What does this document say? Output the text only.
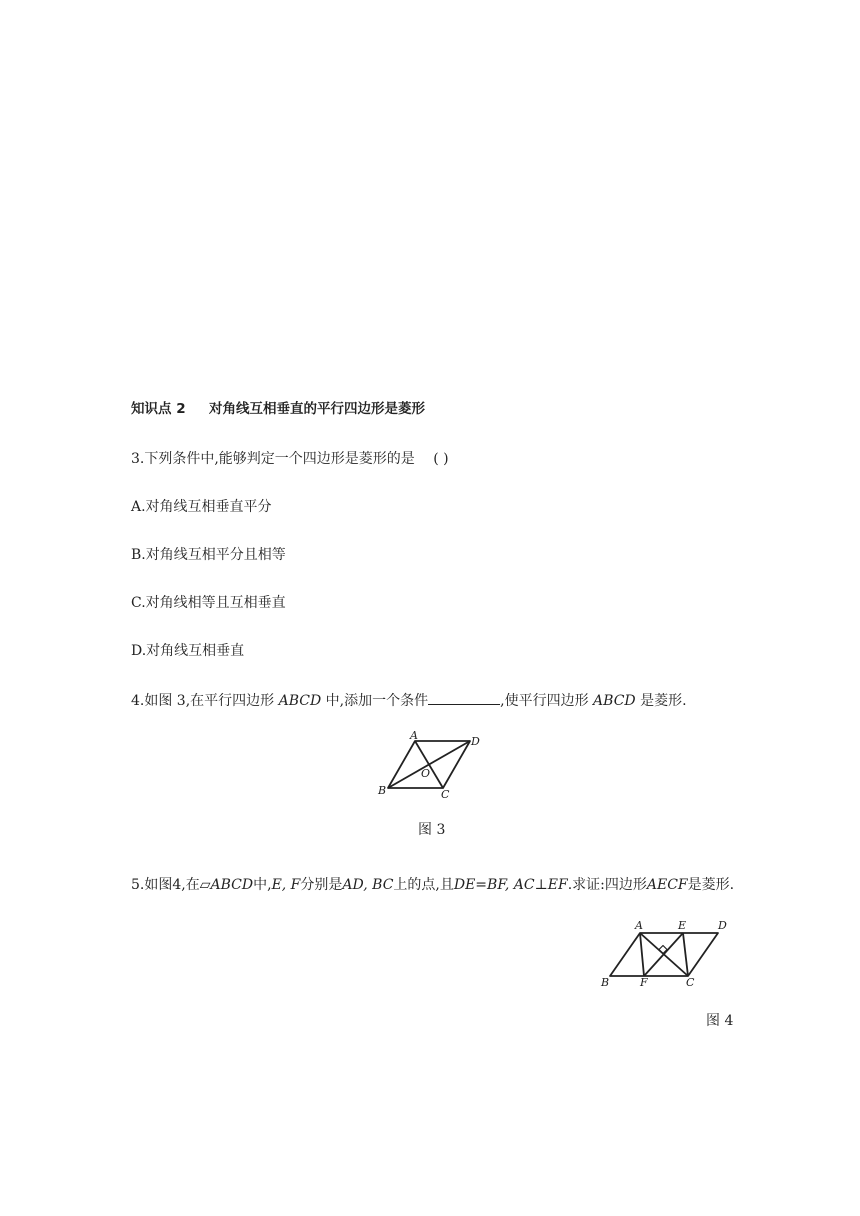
知识点 2 对角线互相垂直的平行四边形是菱形
3.下列条件中,能够判定一个四边形是菱形的是 ( )
A.对角线互相垂直平分
B.对角线互相平分且相等
C.对角线相等且互相垂直
D.对角线互相垂直
4.如图 3,在平行四边形 ABCD 中,添加一个条件	,使平行四边形 ABCD 是菱形.
A	D
O
B	C
图 3
5.如图4,在▱ABCD中,E, F分别是AD, BC上的点,且DE=BF, AC⊥EF.求证:四边形AECF是菱形.
A	E	D
B	F	C
图 4
